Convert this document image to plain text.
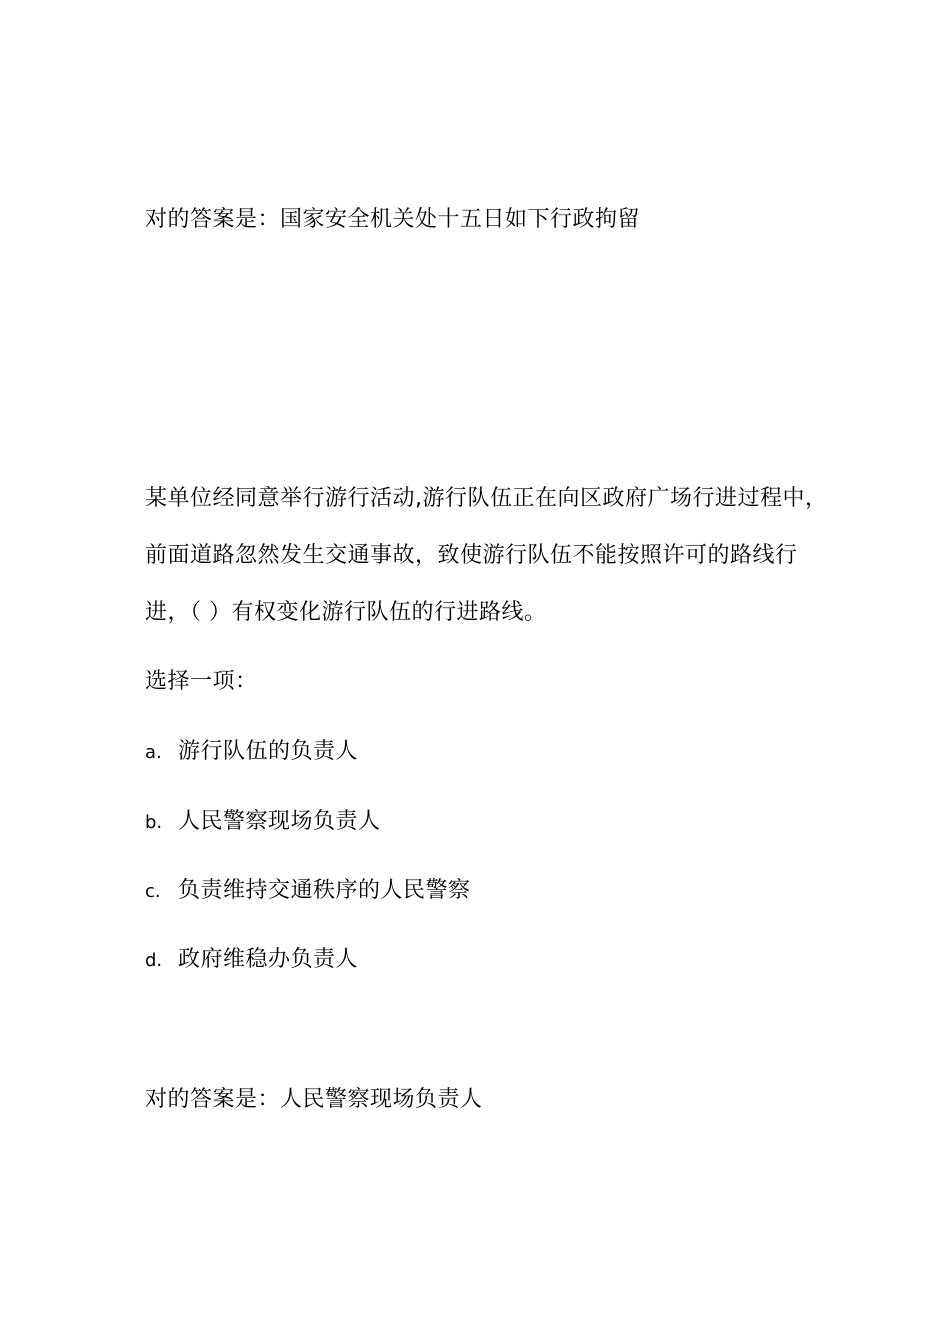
对的答案是：国家安全机关处十五日如下行政拘留
某单位经同意举行游行活动,游行队伍正在向区政府广场行进过程中，
前面道路忽然发生交通事故，致使游行队伍不能按照许可的路线行
进，（ ）有权变化游行队伍的行进路线。
选择一项：
a. 游行队伍的负责人
b. 人民警察现场负责人
c. 负责维持交通秩序的人民警察
d. 政府维稳办负责人
对的答案是：人民警察现场负责人
